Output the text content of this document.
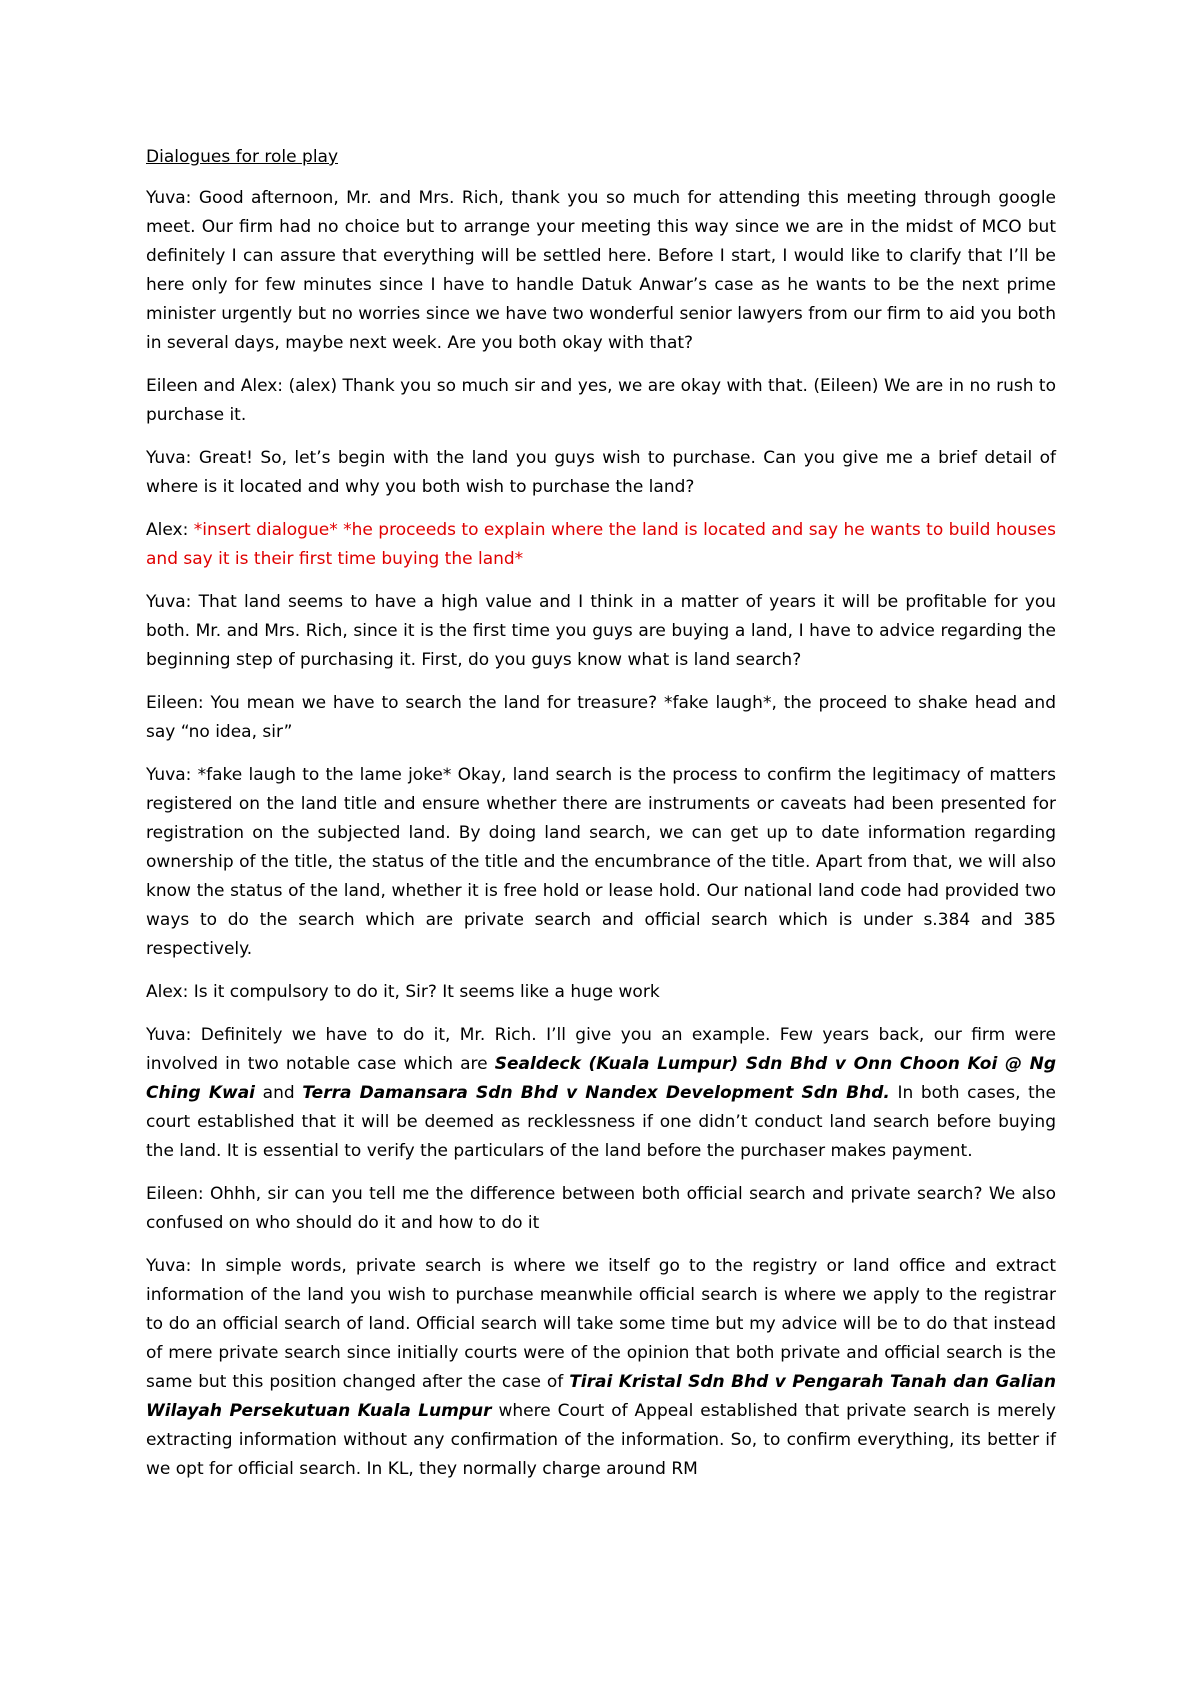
Dialogues for role play

Yuva: Good afternoon, Mr. and Mrs. Rich, thank you so much for attending this meeting through google meet. Our firm had no choice but to arrange your meeting this way since we are in the midst of MCO but definitely I can assure that everything will be settled here. Before I start, I would like to clarify that I’ll be here only for few minutes since I have to handle Datuk Anwar’s case as he wants to be the next prime minister urgently but no worries since we have two wonderful senior lawyers from our firm to aid you both in several days, maybe next week. Are you both okay with that?

Eileen and Alex: (alex) Thank you so much sir and yes, we are okay with that. (Eileen) We are in no rush to purchase it.

Yuva: Great! So, let’s begin with the land you guys wish to purchase. Can you give me a brief detail of where is it located and why you both wish to purchase the land?

Alex: *insert dialogue* *he proceeds to explain where the land is located and say he wants to build houses and say it is their first time buying the land*

Yuva: That land seems to have a high value and I think in a matter of years it will be profitable for you both. Mr. and Mrs. Rich, since it is the first time you guys are buying a land, I have to advice regarding the beginning step of purchasing it. First, do you guys know what is land search?

Eileen: You mean we have to search the land for treasure? *fake laugh*, the proceed to shake head and say “no idea, sir”

Yuva: *fake laugh to the lame joke* Okay, land search is the process to confirm the legitimacy of matters registered on the land title and ensure whether there are instruments or caveats had been presented for registration on the subjected land. By doing land search, we can get up to date information regarding ownership of the title, the status of the title and the encumbrance of the title. Apart from that, we will also know the status of the land, whether it is free hold or lease hold. Our national land code had provided two ways to do the search which are private search and official search which is under s.384 and 385 respectively.

Alex: Is it compulsory to do it, Sir? It seems like a huge work

Yuva: Definitely we have to do it, Mr. Rich. I’ll give you an example. Few years back, our firm were involved in two notable case which are Sealdeck (Kuala Lumpur) Sdn Bhd v Onn Choon Koi @ Ng Ching Kwai and Terra Damansara Sdn Bhd v Nandex Development Sdn Bhd. In both cases, the court established that it will be deemed as recklessness if one didn’t conduct land search before buying the land. It is essential to verify the particulars of the land before the purchaser makes payment.

Eileen: Ohhh, sir can you tell me the difference between both official search and private search? We also confused on who should do it and how to do it

Yuva: In simple words, private search is where we itself go to the registry or land office and extract information of the land you wish to purchase meanwhile official search is where we apply to the registrar to do an official search of land. Official search will take some time but my advice will be to do that instead of mere private search since initially courts were of the opinion that both private and official search is the same but this position changed after the case of Tirai Kristal Sdn Bhd v Pengarah Tanah dan Galian Wilayah Persekutuan Kuala Lumpur where Court of Appeal established that private search is merely extracting information without any confirmation of the information. So, to confirm everything, its better if we opt for official search. In KL, they normally charge around RM
